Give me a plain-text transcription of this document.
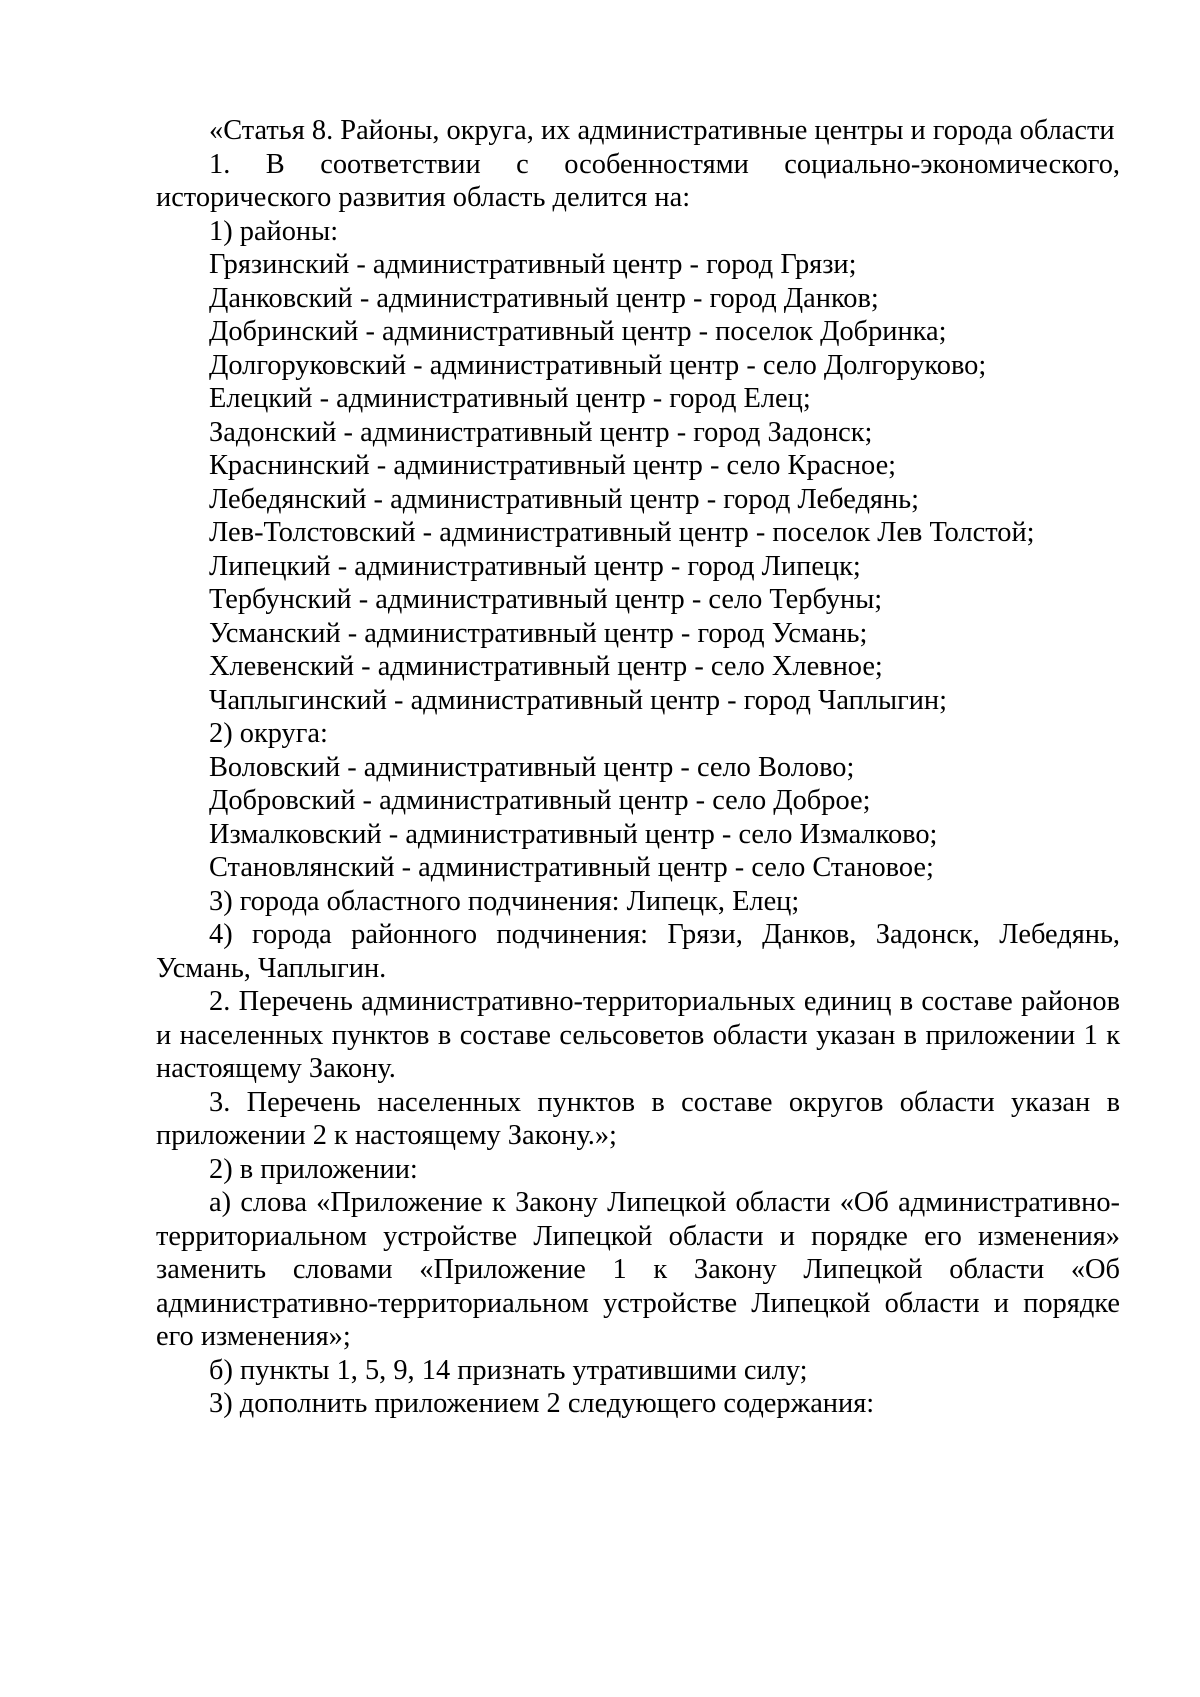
«Статья 8. Районы, округа, их административные центры и города области

1. В соответствии с особенностями социально-экономического, исторического развития область делится на:

1) районы:

Грязинский - административный центр - город Грязи;

Данковский - административный центр - город Данков;

Добринский - административный центр - поселок Добринка;

Долгоруковский - административный центр - село Долгоруково;

Елецкий - административный центр - город Елец;

Задонский - административный центр - город Задонск;

Краснинский - административный центр - село Красное;

Лебедянский - административный центр - город Лебедянь;

Лев-Толстовский - административный центр - поселок Лев Толстой;

Липецкий - административный центр - город Липецк;

Тербунский - административный центр - село Тербуны;

Усманский - административный центр - город Усмань;

Хлевенский - административный центр - село Хлевное;

Чаплыгинский - административный центр - город Чаплыгин;

2) округа:

Воловский - административный центр - село Волово;

Добровский - административный центр - село Доброе;

Измалковский - административный центр - село Измалково;

Становлянский - административный центр - село Становое;

3) города областного подчинения: Липецк, Елец;

4) города районного подчинения: Грязи, Данков, Задонск, Лебедянь, Усмань, Чаплыгин.

2. Перечень административно-территориальных единиц в составе районов и населенных пунктов в составе сельсоветов области указан в приложении 1 к настоящему Закону.

3. Перечень населенных пунктов в составе округов области указан в приложении 2 к настоящему Закону.»;

2) в приложении:

а) слова «Приложение к Закону Липецкой области «Об административно-территориальном устройстве Липецкой области и порядке его изменения» заменить словами «Приложение 1 к Закону Липецкой области «Об административно-территориальном устройстве Липецкой области и порядке его изменения»;

б) пункты 1, 5, 9, 14 признать утратившими силу;

3) дополнить приложением 2 следующего содержания:
